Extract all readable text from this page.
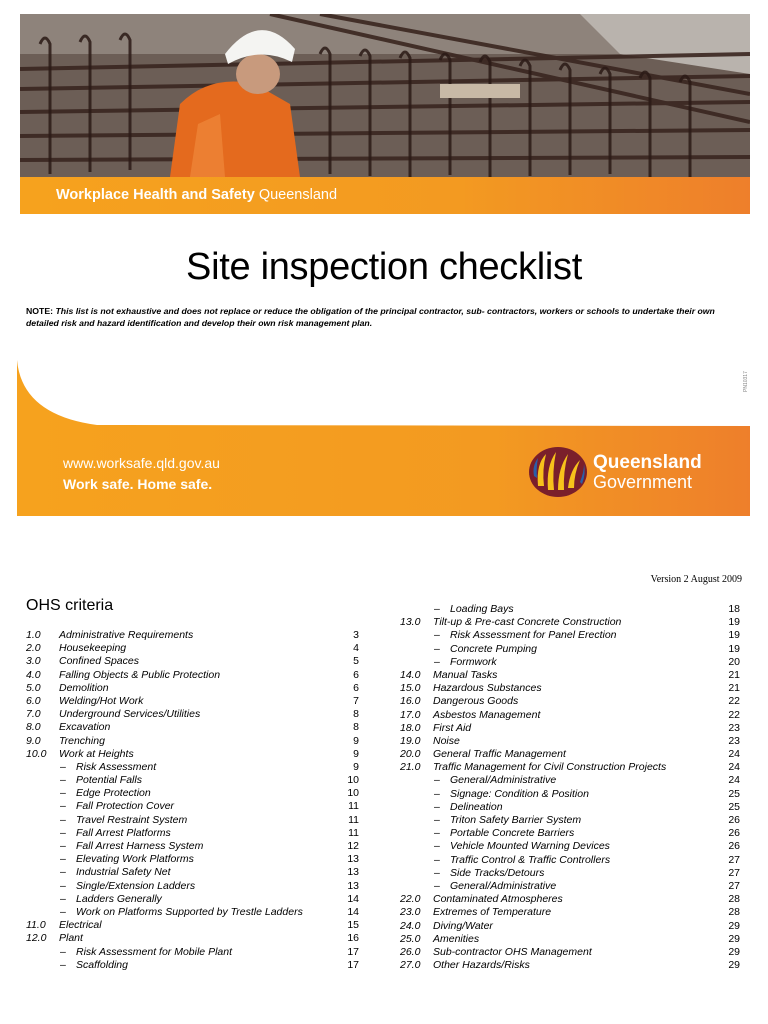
Workplace Health and Safety Queensland
Site inspection checklist
NOTE: This list is not exhaustive and does not replace or reduce the obligation of the principal contractor, sub- contractors, workers or schools to undertake their own detailed risk and hazard identification and develop their own risk management plan.
www.worksafe.qld.gov.au
Work safe. Home safe.
Queensland
Government
PN10317
Version 2 August 2009
OHS criteria
1.0 Administrative Requirements	3
2.0 Housekeeping	4
3.0 Confined Spaces	5
4.0 Falling Objects & Public Protection	6
5.0 Demolition	6
6.0 Welding/Hot Work	7
7.0 Underground Services/Utilities	8
8.0 Excavation	8
9.0 Trenching	9
10.0 Work at Heights	9
– Risk Assessment	9
– Potential Falls	10
– Edge Protection	10
– Fall Protection Cover	11
– Travel Restraint System	11
– Fall Arrest Platforms	11
– Fall Arrest Harness System	12
– Elevating Work Platforms	13
– Industrial Safety Net	13
– Single/Extension Ladders	13
– Ladders Generally	14
– Work on Platforms Supported by Trestle Ladders	14
11.0 Electrical	15
12.0 Plant	16
– Risk Assessment for Mobile Plant	17
– Scaffolding	17
– Loading Bays	18
13.0 Tilt-up & Pre-cast Concrete Construction	19
– Risk Assessment for Panel Erection	19
– Concrete Pumping	19
– Formwork	20
14.0 Manual Tasks	21
15.0 Hazardous Substances	21
16.0 Dangerous Goods	22
17.0 Asbestos Management	22
18.0 First Aid	23
19.0 Noise	23
20.0 General Traffic Management	24
21.0 Traffic Management for Civil Construction Projects	24
– General/Administrative	24
– Signage: Condition & Position	25
– Delineation	25
– Triton Safety Barrier System	26
– Portable Concrete Barriers	26
– Vehicle Mounted Warning Devices	26
– Traffic Control & Traffic Controllers	27
– Side Tracks/Detours	27
– General/Administrative	27
22.0 Contaminated Atmospheres	28
23.0 Extremes of Temperature	28
24.0 Diving/Water	29
25.0 Amenities	29
26.0 Sub-contractor OHS Management	29
27.0 Other Hazards/Risks	29
